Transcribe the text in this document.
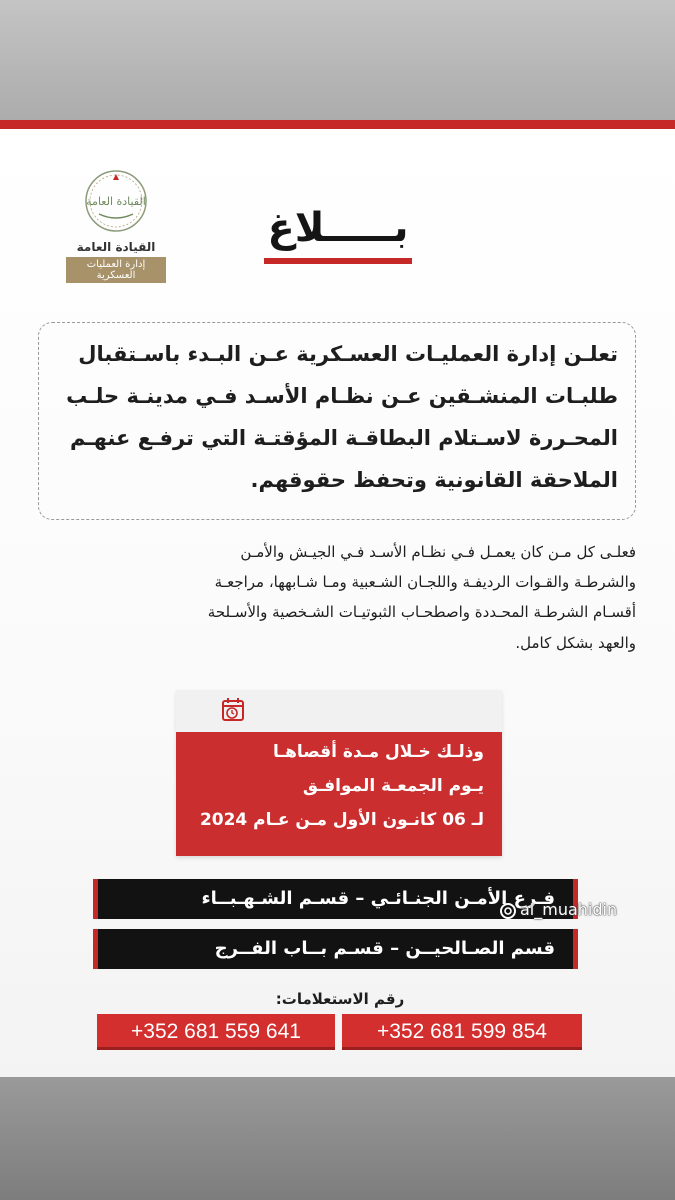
القيادة العامة
القيادة العامة
إدارة العمليات العسكرية
بـــــلاغ
تعلـن إدارة العمليـات العسـكرية عـن البـدء باسـتقبال
طلبـات المنشـقين عـن نظـام الأسـد فـي مدينـة حلـب
المحـررة لاسـتلام البطاقـة المؤقتـة التي ترفـع عنهـم
الملاحقة القانونية وتحفظ حقوقهم.
فعلـى كل مـن كان يعمـل فـي نظـام الأسـد فـي الجيـش والأمـن
والشرطـة والقـوات الرديفـة واللجـان الشـعبية ومـا شـابهها، مراجعـة
أقسـام الشرطـة المحـددة واصطحـاب الثبوتيـات الشـخصية والأسـلحة
والعهد بشكل كامل.
وذلـك خـلال مـدة أقصاهـا
يـوم الجمعـة الموافـق
لـ 06 كانـون الأول مـن عـام 2024
فـرع الأمـن الجنـائـي – قسـم الشـهـبــاء
قسم الصـالحيــن – قسـم بــاب الفــرج
al_muahidin
رقم الاستعلامات:
+352 681 599 854
+352 681 559 641
